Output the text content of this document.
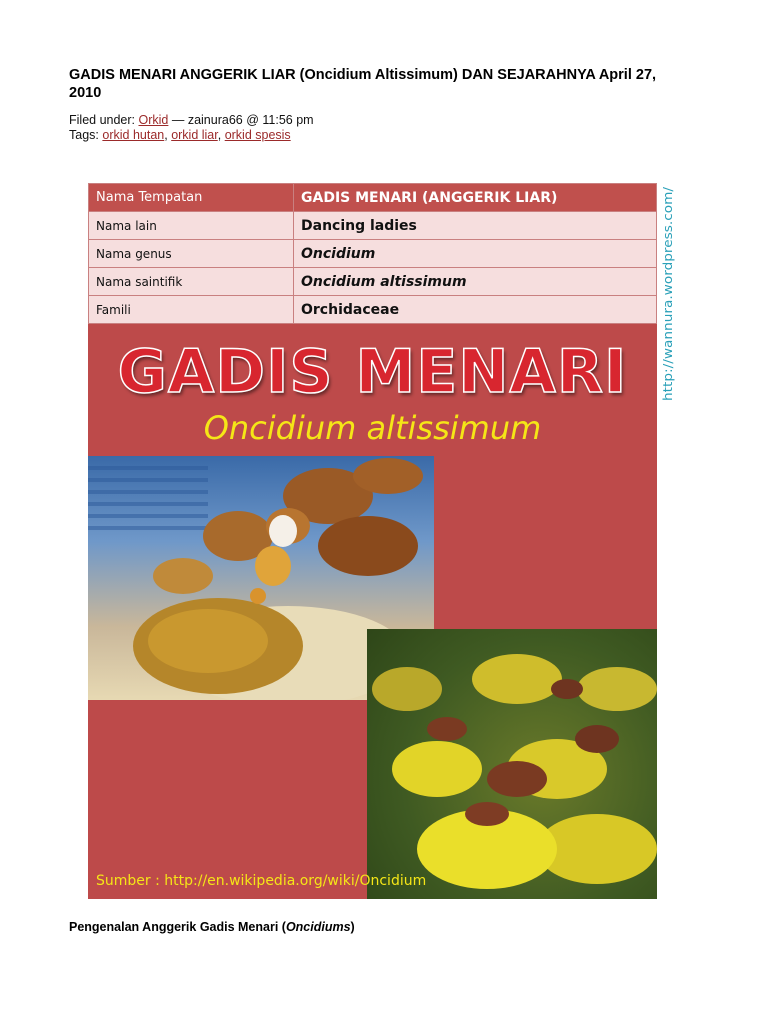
GADIS MENARI ANGGERIK LIAR (Oncidium Altissimum) DAN SEJARAHNYA April 27, 2010
Filed under: Orkid — zainura66 @ 11:56 pm
Tags: orkid hutan, orkid liar, orkid spesis
Nama Tempatan	GADIS MENARI (ANGGERIK LIAR)
Nama lain	Dancing ladies
Nama genus	Oncidium
Nama saintifik	Oncidium altissimum
Famili	Orchidaceae
GADIS MENARI
Oncidium altissimum
Sumber : http://en.wikipedia.org/wiki/Oncidium
http://wannura.wordpress.com/
Pengenalan Anggerik Gadis Menari (Oncidiums)
